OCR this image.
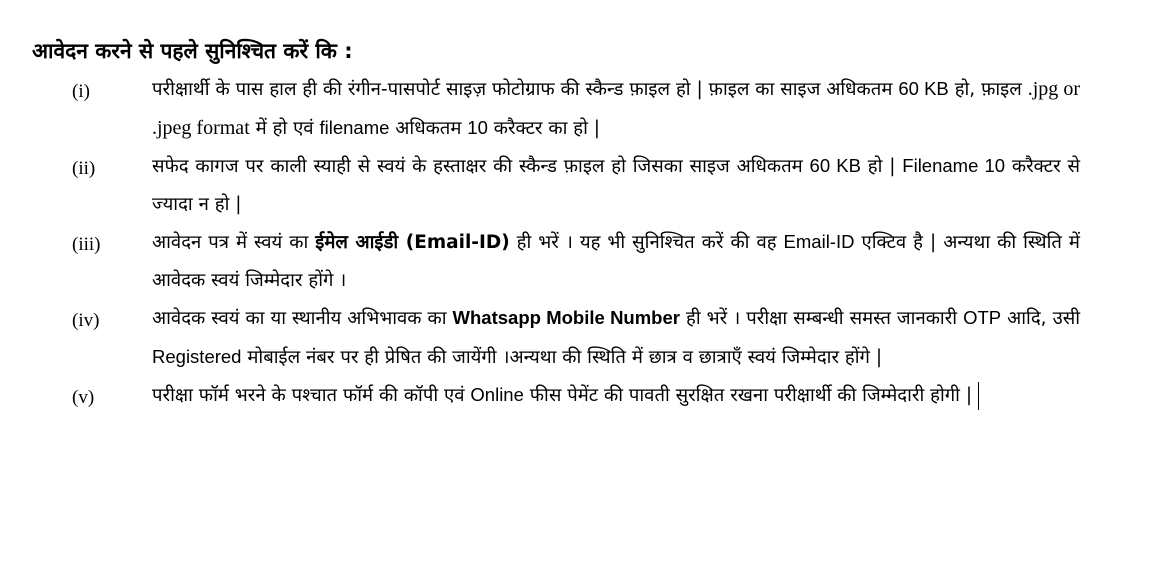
आवेदन करने से पहले सुनिश्चित करें कि :
(i)	परीक्षार्थी के पास हाल ही की रंगीन-पासपोर्ट साइज़ फोटोग्राफ की स्कैन्ड फ़ाइल हो | फ़ाइल का साइज अधिकतम 60 KB हो, फ़ाइल .jpg or .jpeg format में हो एवं filename अधिकतम 10 करैक्टर का हो |
(ii)	सफेद कागज पर काली स्याही से स्वयं के हस्ताक्षर की स्कैन्ड फ़ाइल हो जिसका साइज अधिकतम 60 KB हो | Filename 10 करैक्टर से ज्यादा न हो |
(iii)	आवेदन पत्र में स्वयं का ईमेल आईडी (Email-ID) ही भरें । यह भी सुनिश्चित करें की वह Email-ID एक्टिव है | अन्यथा की स्थिति में आवेदक स्वयं जिम्मेदार होंगे ।
(iv)	आवेदक स्वयं का या स्थानीय अभिभावक का Whatsapp Mobile Number ही भरें । परीक्षा सम्बन्धी समस्त जानकारी OTP आदि, उसी Registered मोबाईल नंबर पर ही प्रेषित की जायेंगी ।अन्यथा की स्थिति में छात्र व छात्राएँ स्वयं जिम्मेदार होंगे |
(v)	परीक्षा फॉर्म भरने के पश्चात फॉर्म की कॉपी एवं Online फीस पेमेंट की पावती सुरक्षित रखना परीक्षार्थी की जिम्मेदारी होगी |
